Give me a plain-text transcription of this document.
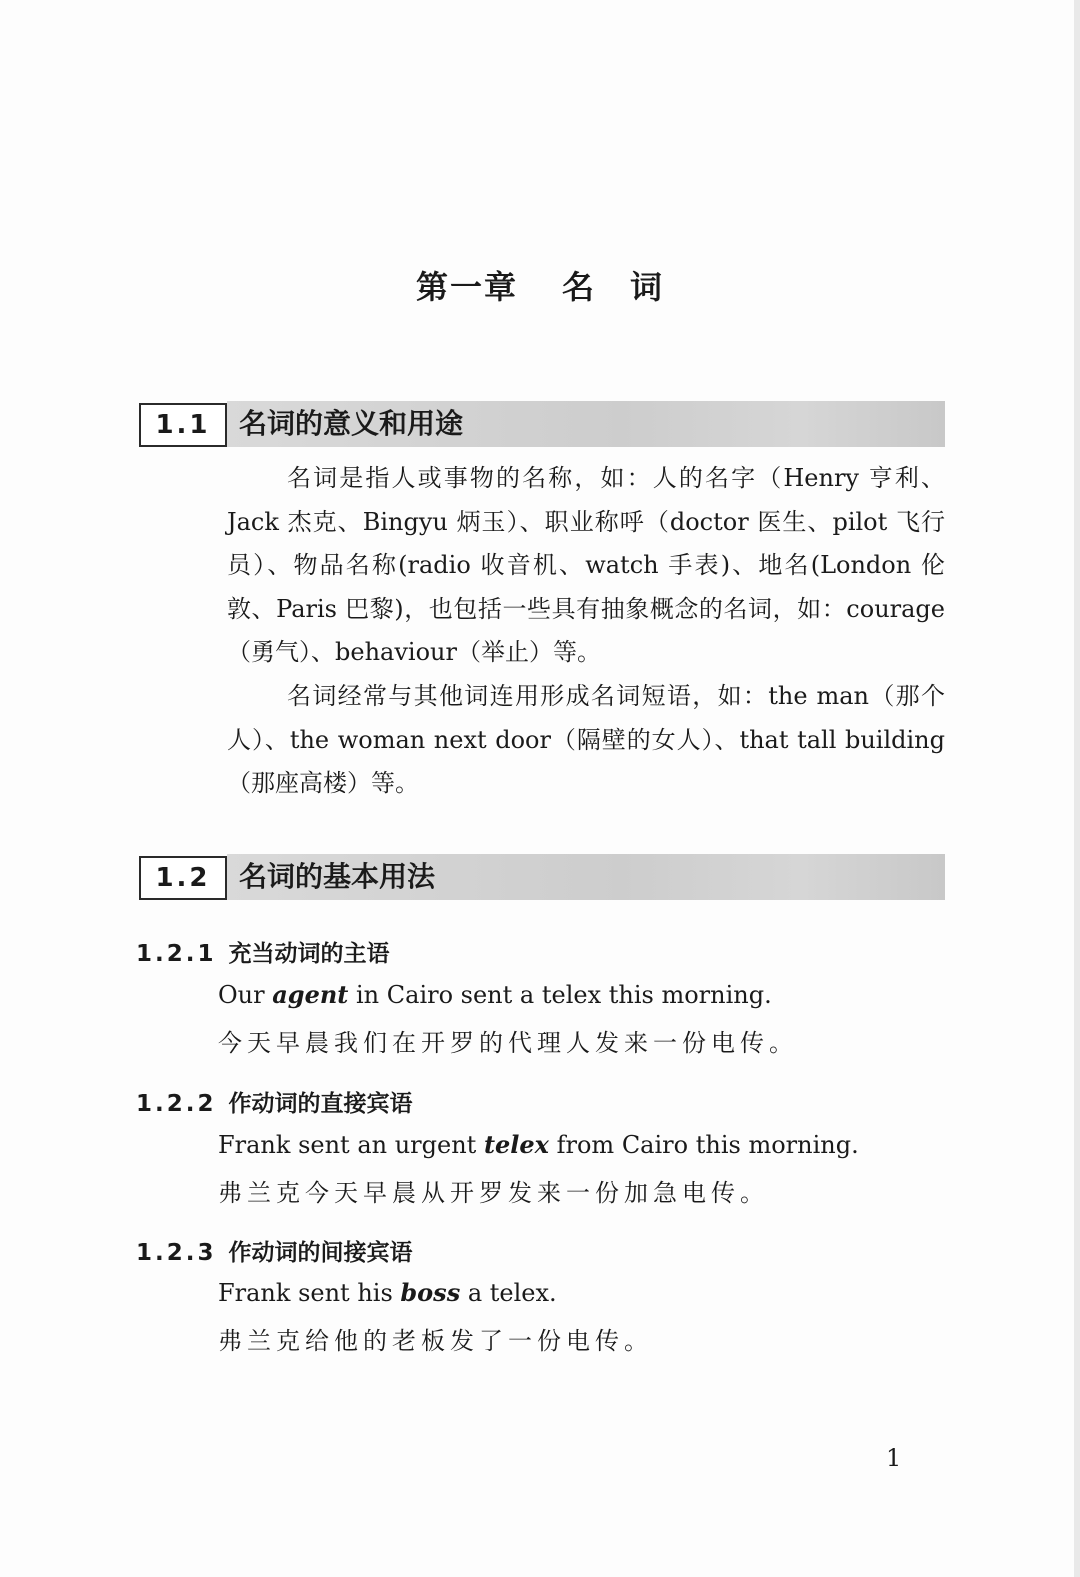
第一章 名 词
1.1	名词的意义和用途

名词是指人或事物的名称，如：人的名字（Henry 亨利、Jack 杰克、Bingyu 炳玉）、职业称呼（doctor 医生、pilot 飞行员）、物品名称(radio 收音机、watch 手表)、地名(London 伦敦、Paris 巴黎)，也包括一些具有抽象概念的名词，如：courage（勇气）、behaviour（举止）等。

名词经常与其他词连用形成名词短语，如：the man（那个人）、the woman next door（隔壁的女人）、that tall building（那座高楼）等。

1.2	名词的基本用法
1.2.1 充当动词的主语

Our agent in Cairo sent a telex this morning.

今天早晨我们在开罗的代理人发来一份电传。

1.2.2 作动词的直接宾语

Frank sent an urgent telex from Cairo this morning.

弗兰克今天早晨从开罗发来一份加急电传。

1.2.3 作动词的间接宾语

Frank sent his boss a telex.

弗兰克给他的老板发了一份电传。

1
